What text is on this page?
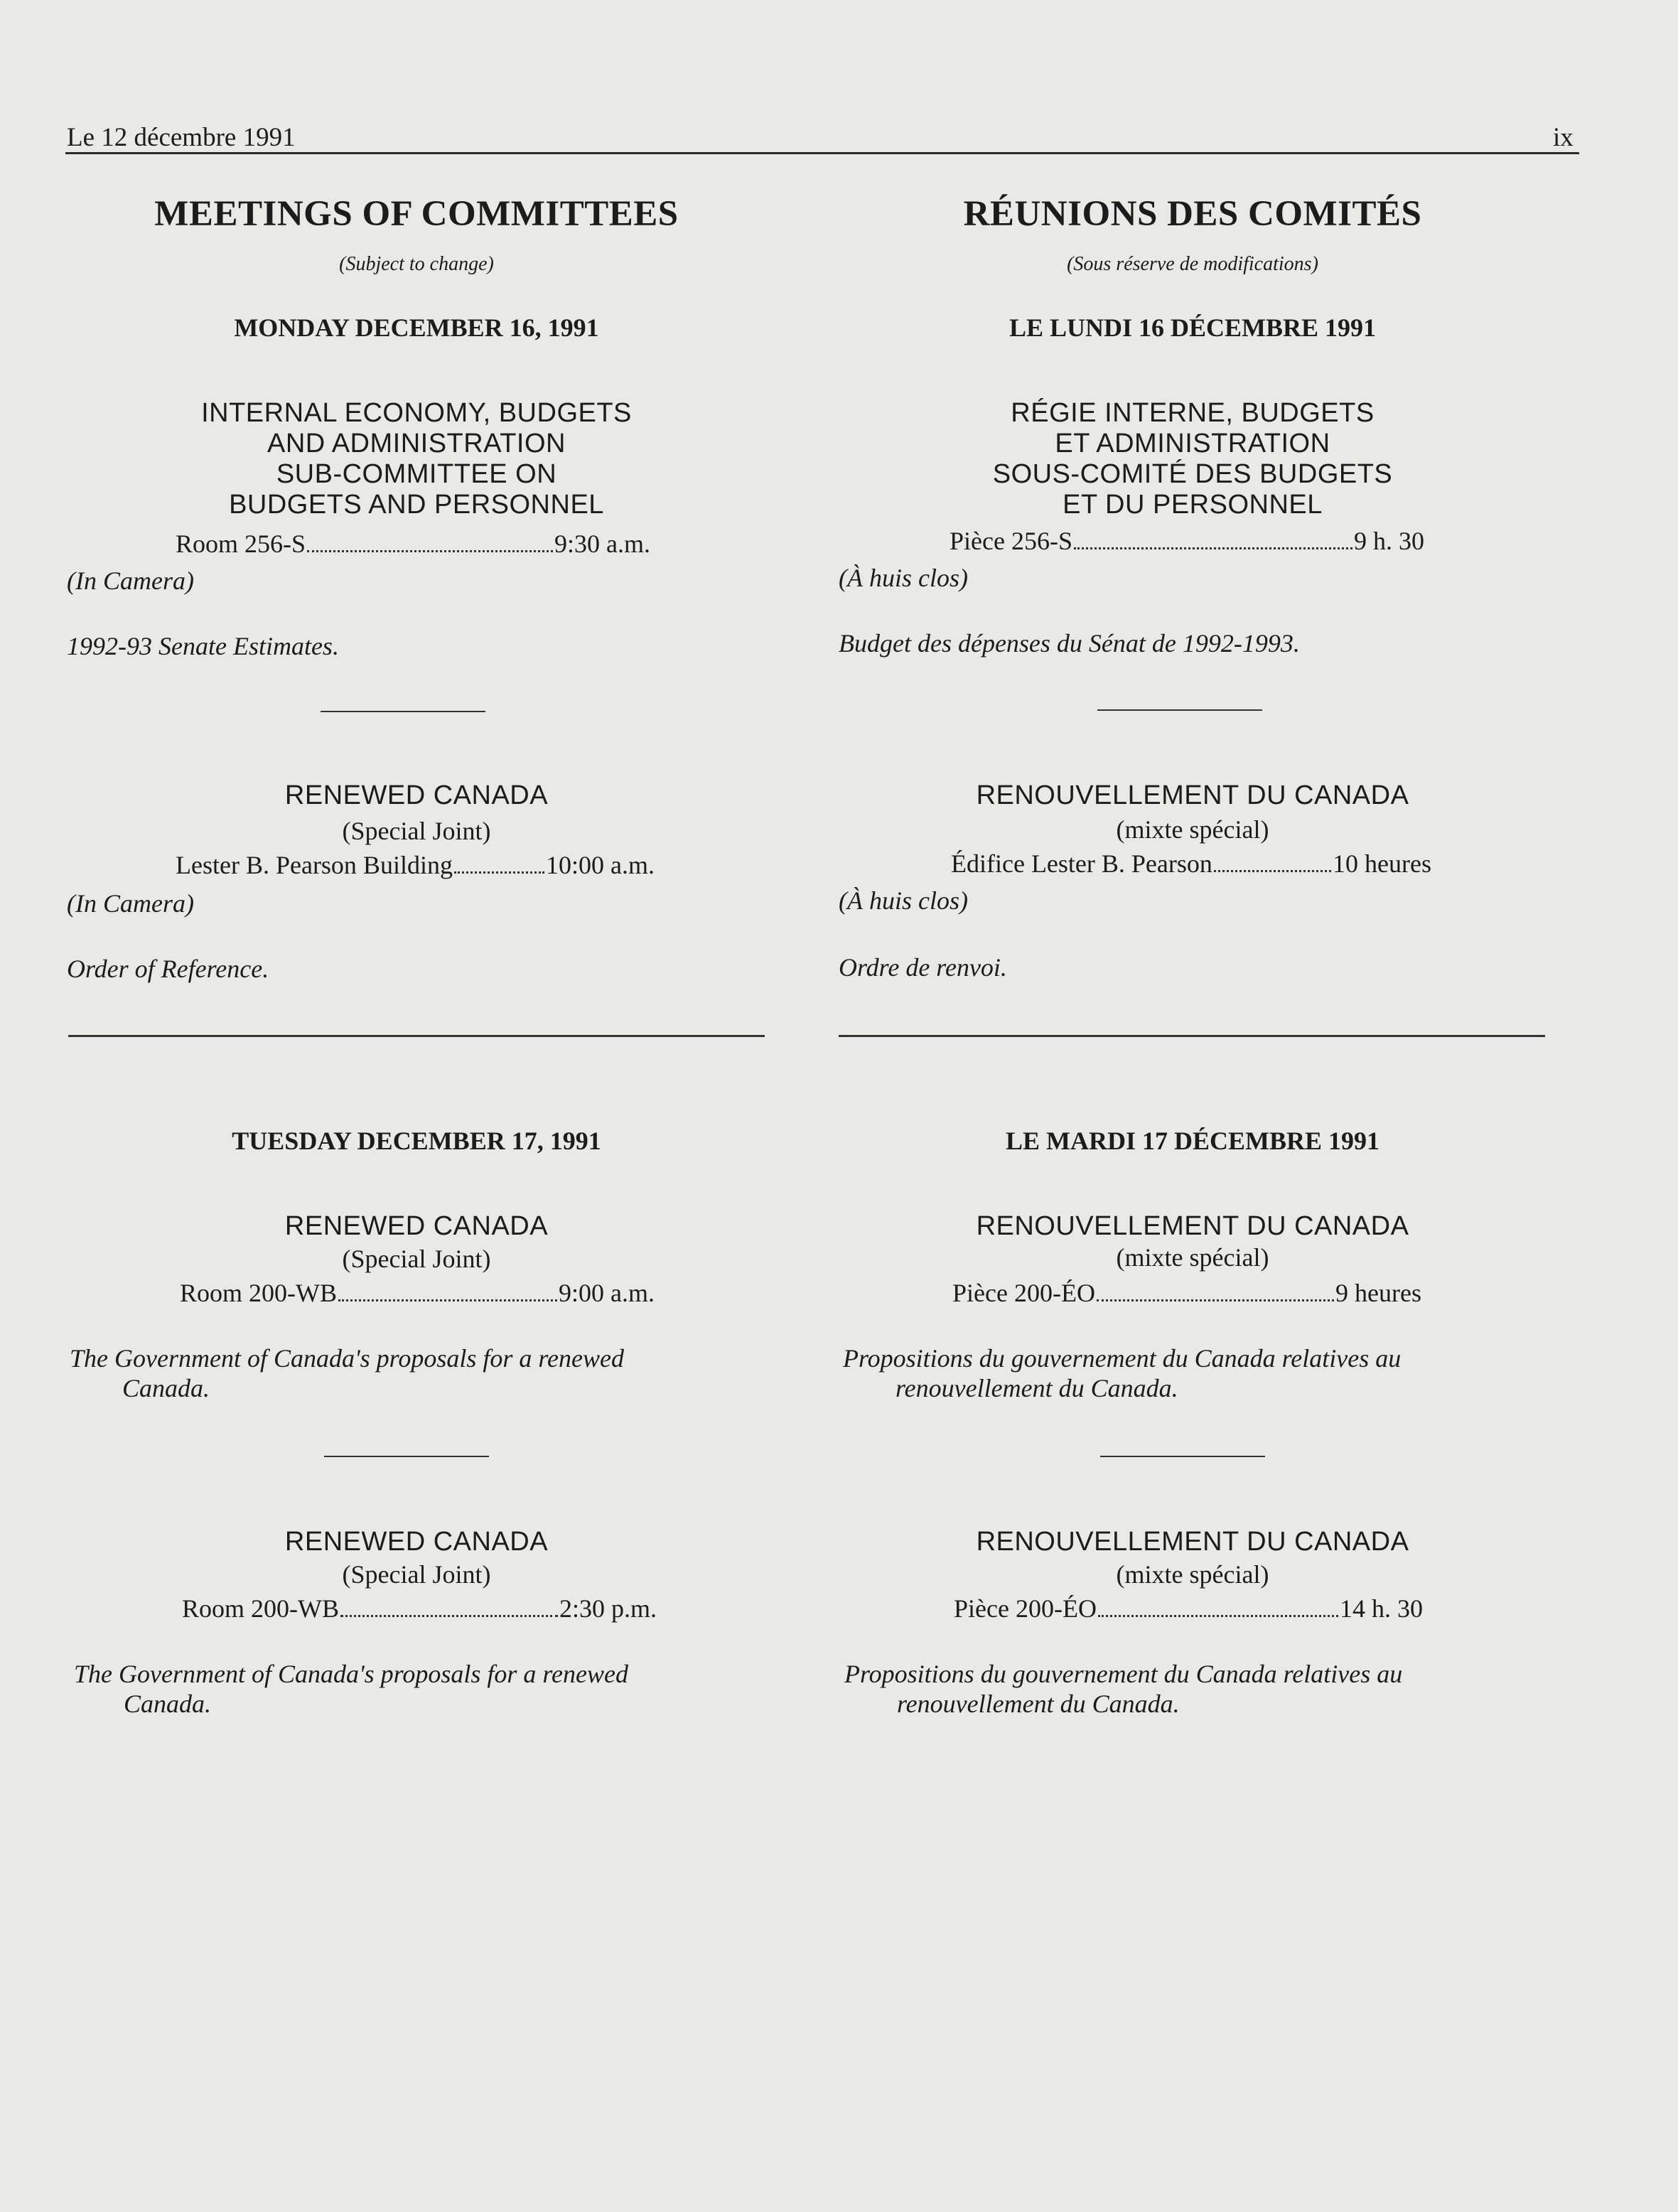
Le 12 décembre 1991	ix
MEETINGS OF COMMITTEES
(Subject to change)
MONDAY DECEMBER 16, 1991
INTERNAL ECONOMY, BUDGETS
AND ADMINISTRATION
SUB-COMMITTEE ON
BUDGETS AND PERSONNEL
Room 256-S	9:30 a.m.
(In Camera)
1992-93 Senate Estimates.
RENEWED CANADA
(Special Joint)
Lester B. Pearson Building	10:00 a.m.
(In Camera)
Order of Reference.
TUESDAY DECEMBER 17, 1991
RENEWED CANADA
(Special Joint)
Room 200-WB	9:00 a.m.
The Government of Canada's proposals for a renewed
Canada.
RENEWED CANADA
(Special Joint)
Room 200-WB	2:30 p.m.
The Government of Canada's proposals for a renewed
Canada.
RÉUNIONS DES COMITÉS
(Sous réserve de modifications)
LE LUNDI 16 DÉCEMBRE 1991
RÉGIE INTERNE, BUDGETS
ET ADMINISTRATION
SOUS-COMITÉ DES BUDGETS
ET DU PERSONNEL
Pièce 256-S	9 h. 30
(À huis clos)
Budget des dépenses du Sénat de 1992-1993.
RENOUVELLEMENT DU CANADA
(mixte spécial)
Édifice Lester B. Pearson	10 heures
(À huis clos)
Ordre de renvoi.
LE MARDI 17 DÉCEMBRE 1991
RENOUVELLEMENT DU CANADA
(mixte spécial)
Pièce 200-ÉO	9 heures
Propositions du gouvernement du Canada relatives au
renouvellement du Canada.
RENOUVELLEMENT DU CANADA
(mixte spécial)
Pièce 200-ÉO	14 h. 30
Propositions du gouvernement du Canada relatives au
renouvellement du Canada.
